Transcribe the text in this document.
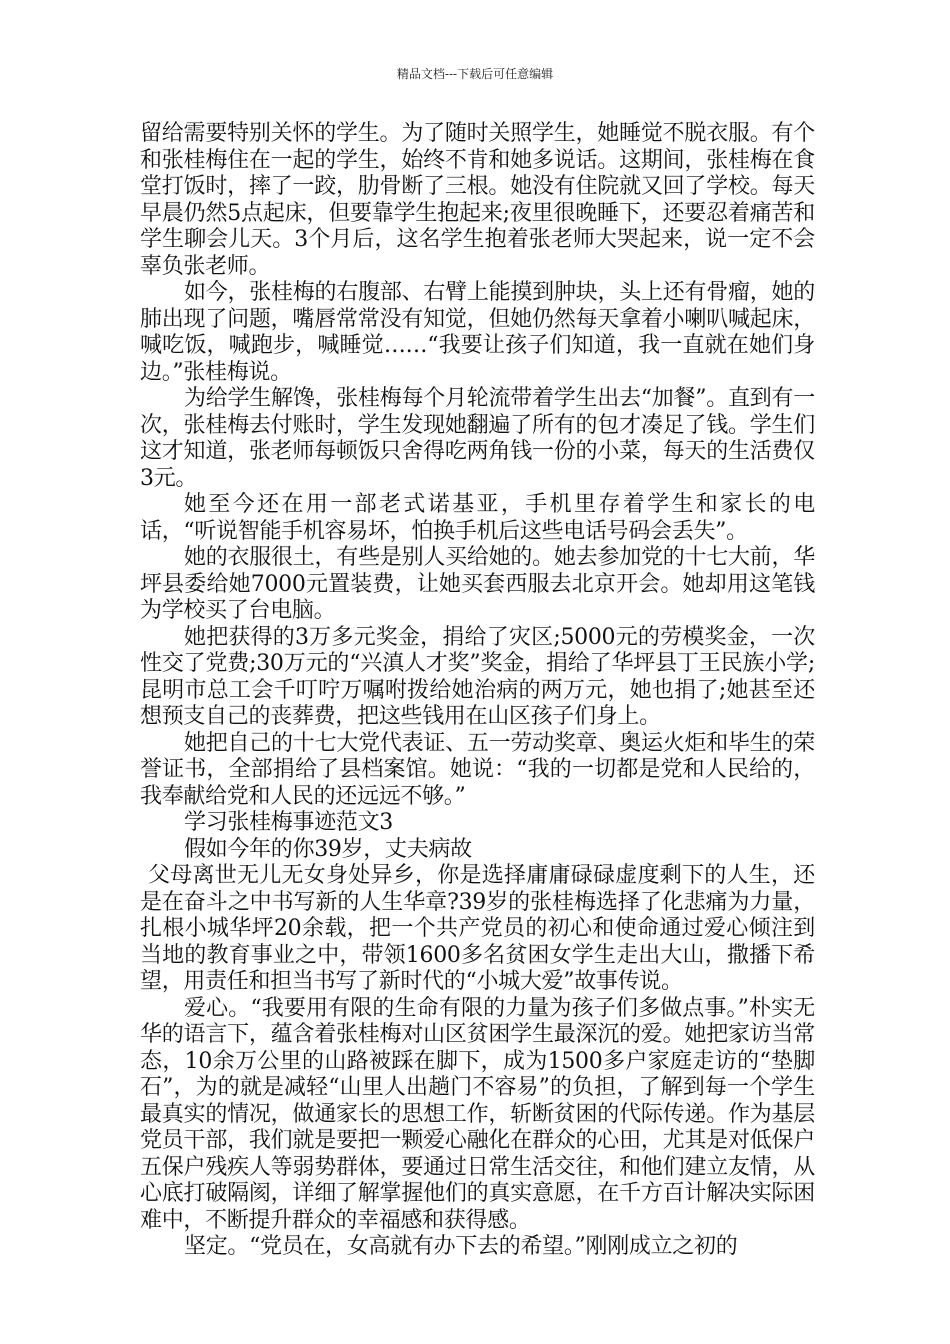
精品文档---下载后可任意编辑

留给需要特别关怀的学生。为了随时关照学生，她睡觉不脱衣服。有个和张桂梅住在一起的学生，始终不肯和她多说话。这期间，张桂梅在食堂打饭时，摔了一跤，肋骨断了三根。她没有住院就又回了学校。每天早晨仍然5点起床，但要靠学生抱起来;夜里很晚睡下，还要忍着痛苦和学生聊会儿天。3个月后，这名学生抱着张老师大哭起来，说一定不会辜负张老师。

如今，张桂梅的右腹部、右臂上能摸到肿块，头上还有骨瘤，她的肺出现了问题，嘴唇常常没有知觉，但她仍然每天拿着小喇叭喊起床，喊吃饭，喊跑步，喊睡觉……“我要让孩子们知道，我一直就在她们身边。”张桂梅说。

为给学生解馋，张桂梅每个月轮流带着学生出去“加餐”。直到有一次，张桂梅去付账时，学生发现她翻遍了所有的包才凑足了钱。学生们这才知道，张老师每顿饭只舍得吃两角钱一份的小菜，每天的生活费仅3元。

她至今还在用一部老式诺基亚，手机里存着学生和家长的电话，“听说智能手机容易坏，怕换手机后这些电话号码会丢失”。

她的衣服很土，有些是别人买给她的。她去参加党的十七大前，华坪县委给她7000元置装费，让她买套西服去北京开会。她却用这笔钱为学校买了台电脑。

她把获得的3万多元奖金，捐给了灾区;5000元的劳模奖金，一次性交了党费;30万元的“兴滇人才奖”奖金，捐给了华坪县丁王民族小学;昆明市总工会千叮咛万嘱咐拨给她治病的两万元，她也捐了;她甚至还想预支自己的丧葬费，把这些钱用在山区孩子们身上。

她把自己的十七大党代表证、五一劳动奖章、奥运火炬和毕生的荣誉证书，全部捐给了县档案馆。她说：“我的一切都是党和人民给的，我奉献给党和人民的还远远不够。”

学习张桂梅事迹范文3

假如今年的你39岁，丈夫病故

父母离世无儿无女身处异乡，你是选择庸庸碌碌虚度剩下的人生，还是在奋斗之中书写新的人生华章?39岁的张桂梅选择了化悲痛为力量，扎根小城华坪20余载，把一个共产党员的初心和使命通过爱心倾注到当地的教育事业之中，带领1600多名贫困女学生走出大山，撒播下希望，用责任和担当书写了新时代的“小城大爱”故事传说。

爱心。“我要用有限的生命有限的力量为孩子们多做点事。”朴实无华的语言下，蕴含着张桂梅对山区贫困学生最深沉的爱。她把家访当常态，10余万公里的山路被踩在脚下，成为1500多户家庭走访的“垫脚石”，为的就是减轻“山里人出趟门不容易”的负担，了解到每一个学生最真实的情况，做通家长的思想工作，斩断贫困的代际传递。作为基层党员干部，我们就是要把一颗爱心融化在群众的心田，尤其是对低保户五保户残疾人等弱势群体，要通过日常生活交往，和他们建立友情，从心底打破隔阂，详细了解掌握他们的真实意愿，在千方百计解决实际困难中，不断提升群众的幸福感和获得感。

坚定。“党员在，女高就有办下去的希望。”刚刚成立之初的
